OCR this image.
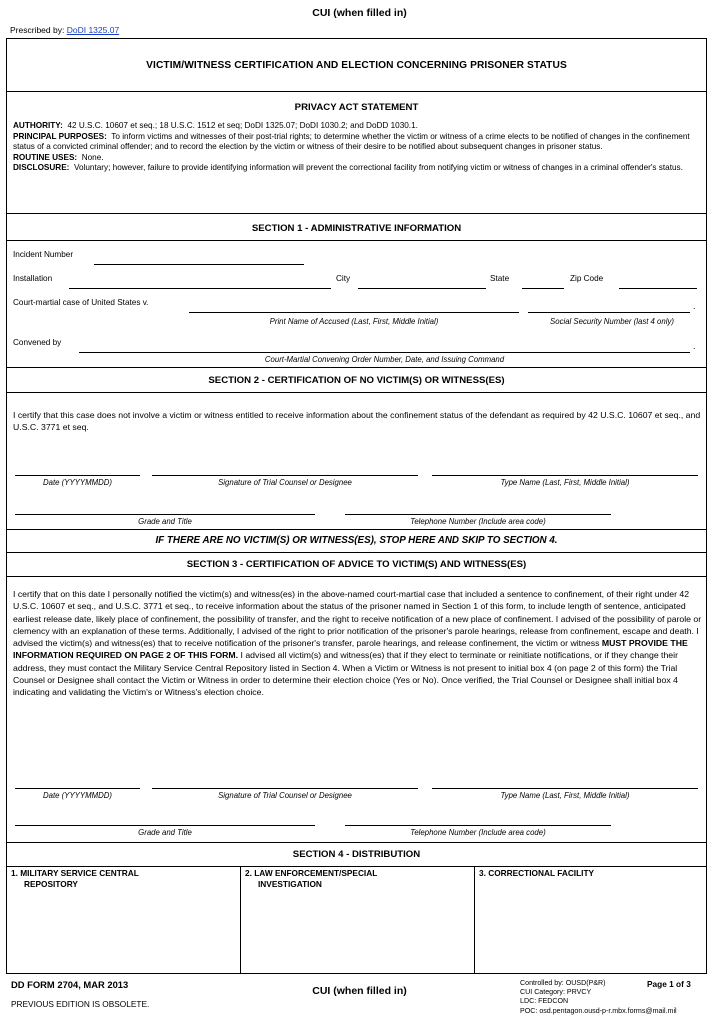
CUI (when filled in)
Prescribed by: DoDI 1325.07
VICTIM/WITNESS CERTIFICATION AND ELECTION CONCERNING PRISONER STATUS
PRIVACY ACT STATEMENT
AUTHORITY: 42 U.S.C. 10607 et seq.; 18 U.S.C. 1512 et seq; DoDI 1325.07; DoDI 1030.2; and DoDD 1030.1.
PRINCIPAL PURPOSES: To inform victims and witnesses of their post-trial rights; to determine whether the victim or witness of a crime elects to be notified of changes in the confinement status of a convicted criminal offender; and to record the election by the victim or witness of their desire to be notified about subsequent changes in prisoner status.
ROUTINE USES: None.
DISCLOSURE: Voluntary; however, failure to provide identifying information will prevent the correctional facility from notifying victim or witness of changes in a criminal offender's status.
SECTION 1 - ADMINISTRATIVE INFORMATION
Incident Number
Installation	City	State	Zip Code
Court-martial case of United States v.	.
Print Name of Accused (Last, First, Middle Initial)	Social Security Number (last 4 only)
Convened by	.
Court-Martial Convening Order Number, Date, and Issuing Command
SECTION 2 - CERTIFICATION OF NO VICTIM(S) OR WITNESS(ES)
I certify that this case does not involve a victim or witness entitled to receive information about the confinement status of the defendant as required by 42 U.S.C. 10607 et seq., and U.S.C. 3771 et seq.
Date (YYYYMMDD)	Signature of Trial Counsel or Designee	Type Name (Last, First, Middle Initial)
Grade and Title	Telephone Number (Include area code)
IF THERE ARE NO VICTIM(S) OR WITNESS(ES), STOP HERE AND SKIP TO SECTION 4.
SECTION 3 - CERTIFICATION OF ADVICE TO VICTIM(S) AND WITNESS(ES)
I certify that on this date I personally notified the victim(s) and witness(es) in the above-named court-martial case that included a sentence to confinement, of their right under 42 U.S.C. 10607 et seq., and U.S.C. 3771 et seq., to receive information about the status of the prisoner named in Section 1 of this form, to include length of sentence, anticipated earliest release date, likely place of confinement, the possibility of transfer, and the right to receive notification of a new place of confinement. I advised of the possibility of parole or clemency with an explanation of these terms. Additionally, I advised of the right to prior notification of the prisoner's parole hearings, release from confinement, escape and death. I advised the victim(s) and witness(es) that to receive notification of the prisoner's transfer, parole hearings, and release confinement, the victim or witness MUST PROVIDE THE INFORMATION REQUIRED ON PAGE 2 OF THIS FORM. I advised all victim(s) and witness(es) that if they elect to terminate or reinitiate notifications, or if they change their address, they must contact the Military Service Central Repository listed in Section 4. When a Victim or Witness is not present to initial box 4 (on page 2 of this form) the Trial Counsel or Designee shall contact the Victim or Witness in order to determine their election choice (Yes or No). Once verified, the Trial Counsel or Designee shall initial box 4 indicating and validating the Victim's or Witness's election choice.
Date (YYYYMMDD)	Signature of Trial Counsel or Designee	Type Name (Last, First, Middle Initial)
Grade and Title	Telephone Number (Include area code)
SECTION 4 - DISTRIBUTION
1. MILITARY SERVICE CENTRAL
REPOSITORY
2. LAW ENFORCEMENT/SPECIAL
INVESTIGATION
3. CORRECTIONAL FACILITY
DD FORM 2704, MAR 2013
PREVIOUS EDITION IS OBSOLETE.
CUI (when filled in)
Controlled by: OUSD(P&R)
CUI Category: PRVCY
LDC: FEDCON
POC: osd.pentagon.ousd-p-r.mbx.forms@mail.mil
Page 1 of 3
